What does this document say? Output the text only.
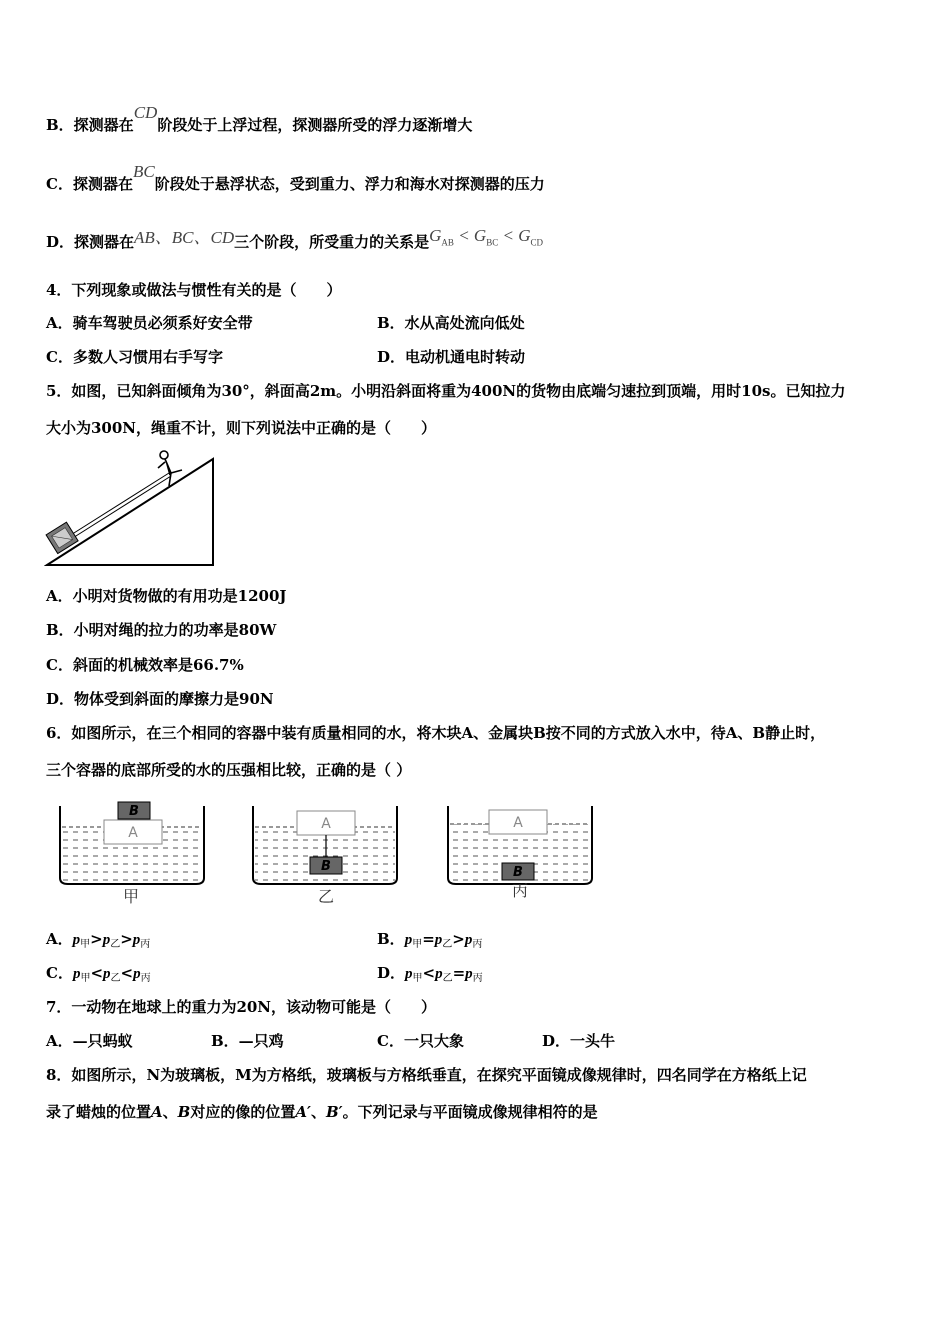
B．探测器在CD阶段处于上浮过程，探测器所受的浮力逐渐增大
C．探测器在BC阶段处于悬浮状态，受到重力、浮力和海水对探测器的压力
D．探测器在AB、BC、CD三个阶段，所受重力的关系是$G_{AB} < G_{BC} < G_{CD}$
4．下列现象或做法与惯性有关的是（　　）
A．骑车驾驶员必须系好安全带	B．水从高处流向低处
C．多数人习惯用右手写字	D．电动机通电时转动
5．如图，已知斜面倾角为30°，斜面高2m。小明沿斜面将重为400N的货物由底端匀速拉到顶端，用时10s。已知拉力
大小为300N，绳重不计，则下列说法中正确的是（　　）
A．小明对货物做的有用功是1200J
B．小明对绳的拉力的功率是80W
C．斜面的机械效率是66.7%
D．物体受到斜面的摩擦力是90N
6．如图所示，在三个相同的容器中装有质量相同的水，将木块A、金属块B按不同的方式放入水中，待A、B静止时，
三个容器的底部所受的水的压强相比较，正确的是（ ）
A
B
甲
A
B
乙
A
B
丙
A．$p_甲>p_乙>p_丙$	B．$p_甲=p_乙>p_丙$
C．$p_甲<p_乙<p_丙$	D．$p_甲<p_乙=p_丙$
7．一动物在地球上的重力为20N，该动物可能是（　　）
A．—只蚂蚁	B．—只鸡	C．一只大象	D．一头牛
8．如图所示，N为玻璃板，M为方格纸，玻璃板与方格纸垂直，在探究平面镜成像规律时，四名同学在方格纸上记
录了蜡烛的位置A、B对应的像的位置A′、B′。下列记录与平面镜成像规律相符的是
